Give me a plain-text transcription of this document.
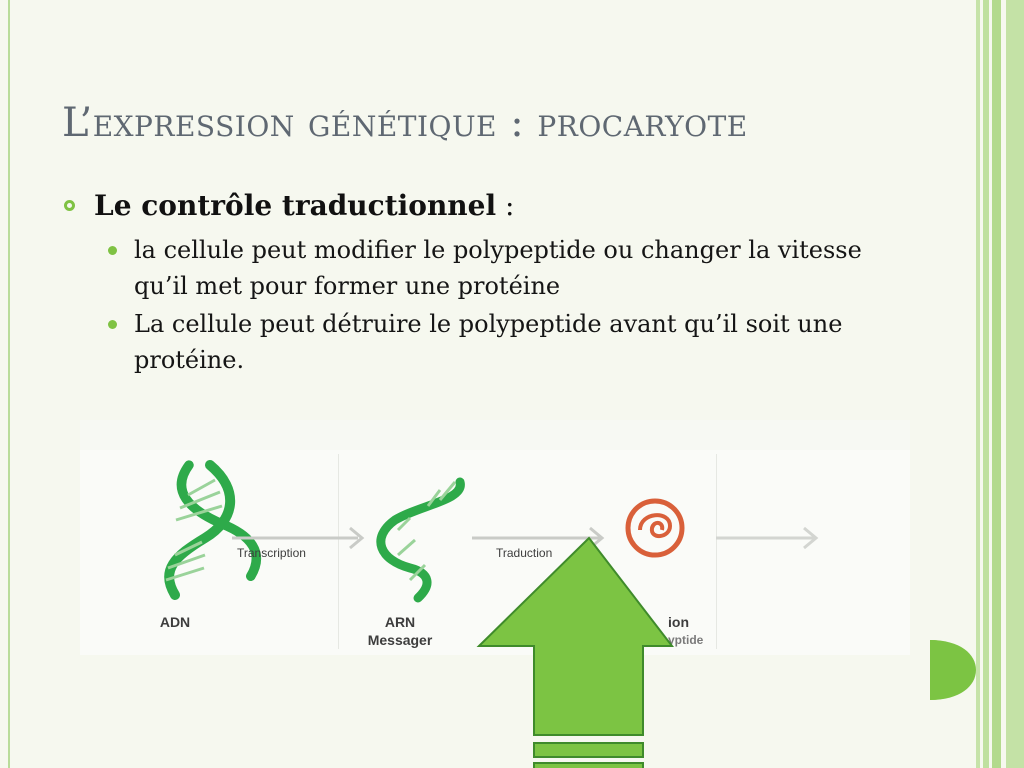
L’expression génétique : procaryote
Le contrôle traductionnel :
la cellule peut modifier le polypeptide ou changer la vitesse qu’il met pour former une protéine
La cellule peut détruire le polypeptide avant qu’il soit une protéine.
Transcription	Traduction
ADN	ARN
Messager
ion
yptide
